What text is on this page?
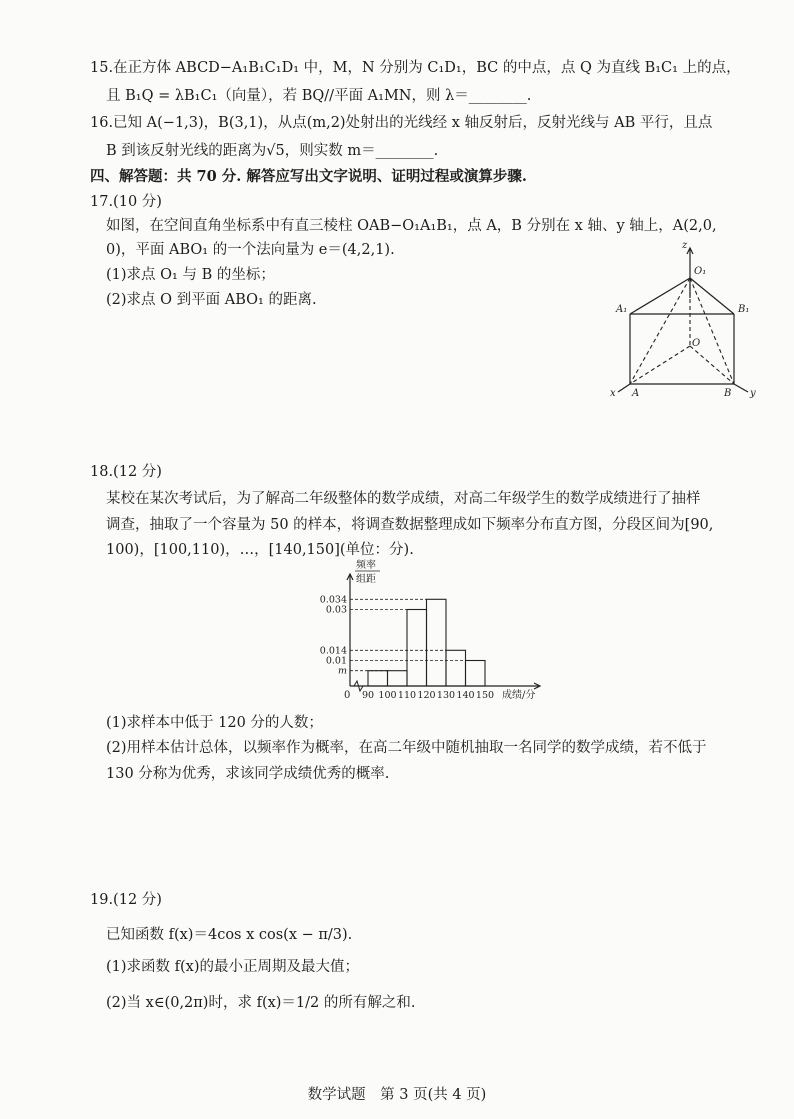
15.在正方体 ABCD−A₁B₁C₁D₁ 中，M，N 分别为 C₁D₁，BC 的中点，点 Q 为直线 B₁C₁ 上的点，
且 B₁Q = λB₁C₁（向量），若 BQ//平面 A₁MN，则 λ＝________.
16.已知 A(−1,3)，B(3,1)，从点(m,2)处射出的光线经 x 轴反射后，反射光线与 AB 平行，且点
B 到该反射光线的距离为√5，则实数 m＝________.
四、解答题：共 70 分. 解答应写出文字说明、证明过程或演算步骤.
17.(10 分)
如图，在空间直角坐标系中有直三棱柱 OAB−O₁A₁B₁，点 A，B 分别在 x 轴、y 轴上，A(2,0,
0)，平面 ABO₁ 的一个法向量为 e＝(4,2,1).
(1)求点 O₁ 与 B 的坐标；
(2)求点 O 到平面 ABO₁ 的距离.
z
O₁
A₁	B₁
O
A	B
x	y
18.(12 分)
某校在某次考试后，为了解高二年级整体的数学成绩，对高二年级学生的数学成绩进行了抽样
调查，抽取了一个容量为 50 的样本，将调查数据整理成如下频率分布直方图，分段区间为[90,
100)，[100,110)，…，[140,150](单位：分).
频率
组距
0	成绩/分
0.034
0.03
0.014
0.01
m
90 100 110 120 130 140 150
(1)求样本中低于 120 分的人数；
(2)用样本估计总体，以频率作为概率，在高二年级中随机抽取一名同学的数学成绩，若不低于
130 分称为优秀，求该同学成绩优秀的概率.
19.(12 分)
已知函数 f(x)＝4cos x cos(x − π/3).
(1)求函数 f(x)的最小正周期及最大值；
(2)当 x∈(0,2π)时，求 f(x)＝1/2 的所有解之和.
数学试题　第 3 页(共 4 页)
